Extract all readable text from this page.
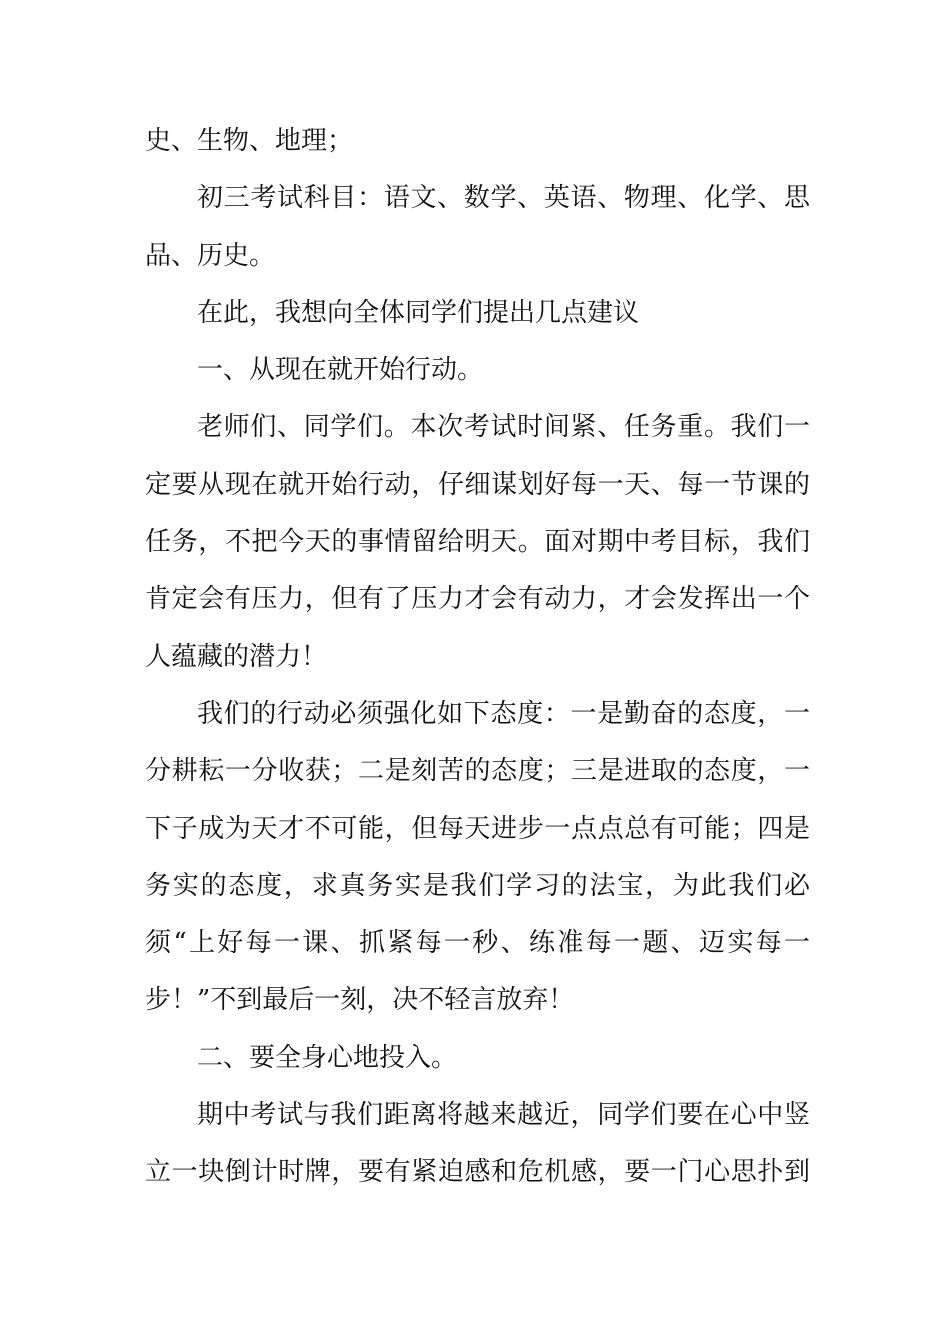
史、生物、地理；
初三考试科目：语文、数学、英语、物理、化学、思
品、历史。
在此，我想向全体同学们提出几点建议
一、从现在就开始行动。
老师们、同学们。本次考试时间紧、任务重。我们一
定要从现在就开始行动，仔细谋划好每一天、每一节课的
任务，不把今天的事情留给明天。面对期中考目标，我们
肯定会有压力，但有了压力才会有动力，才会发挥出一个
人蕴藏的潜力！
我们的行动必须强化如下态度：一是勤奋的态度，一
分耕耘一分收获；二是刻苦的态度；三是进取的态度，一
下子成为天才不可能，但每天进步一点点总有可能；四是
务实的态度，求真务实是我们学习的法宝，为此我们必
须“上好每一课、抓紧每一秒、练准每一题、迈实每一
步！”不到最后一刻，决不轻言放弃！
二、要全身心地投入。
期中考试与我们距离将越来越近，同学们要在心中竖
立一块倒计时牌，要有紧迫感和危机感，要一门心思扑到
